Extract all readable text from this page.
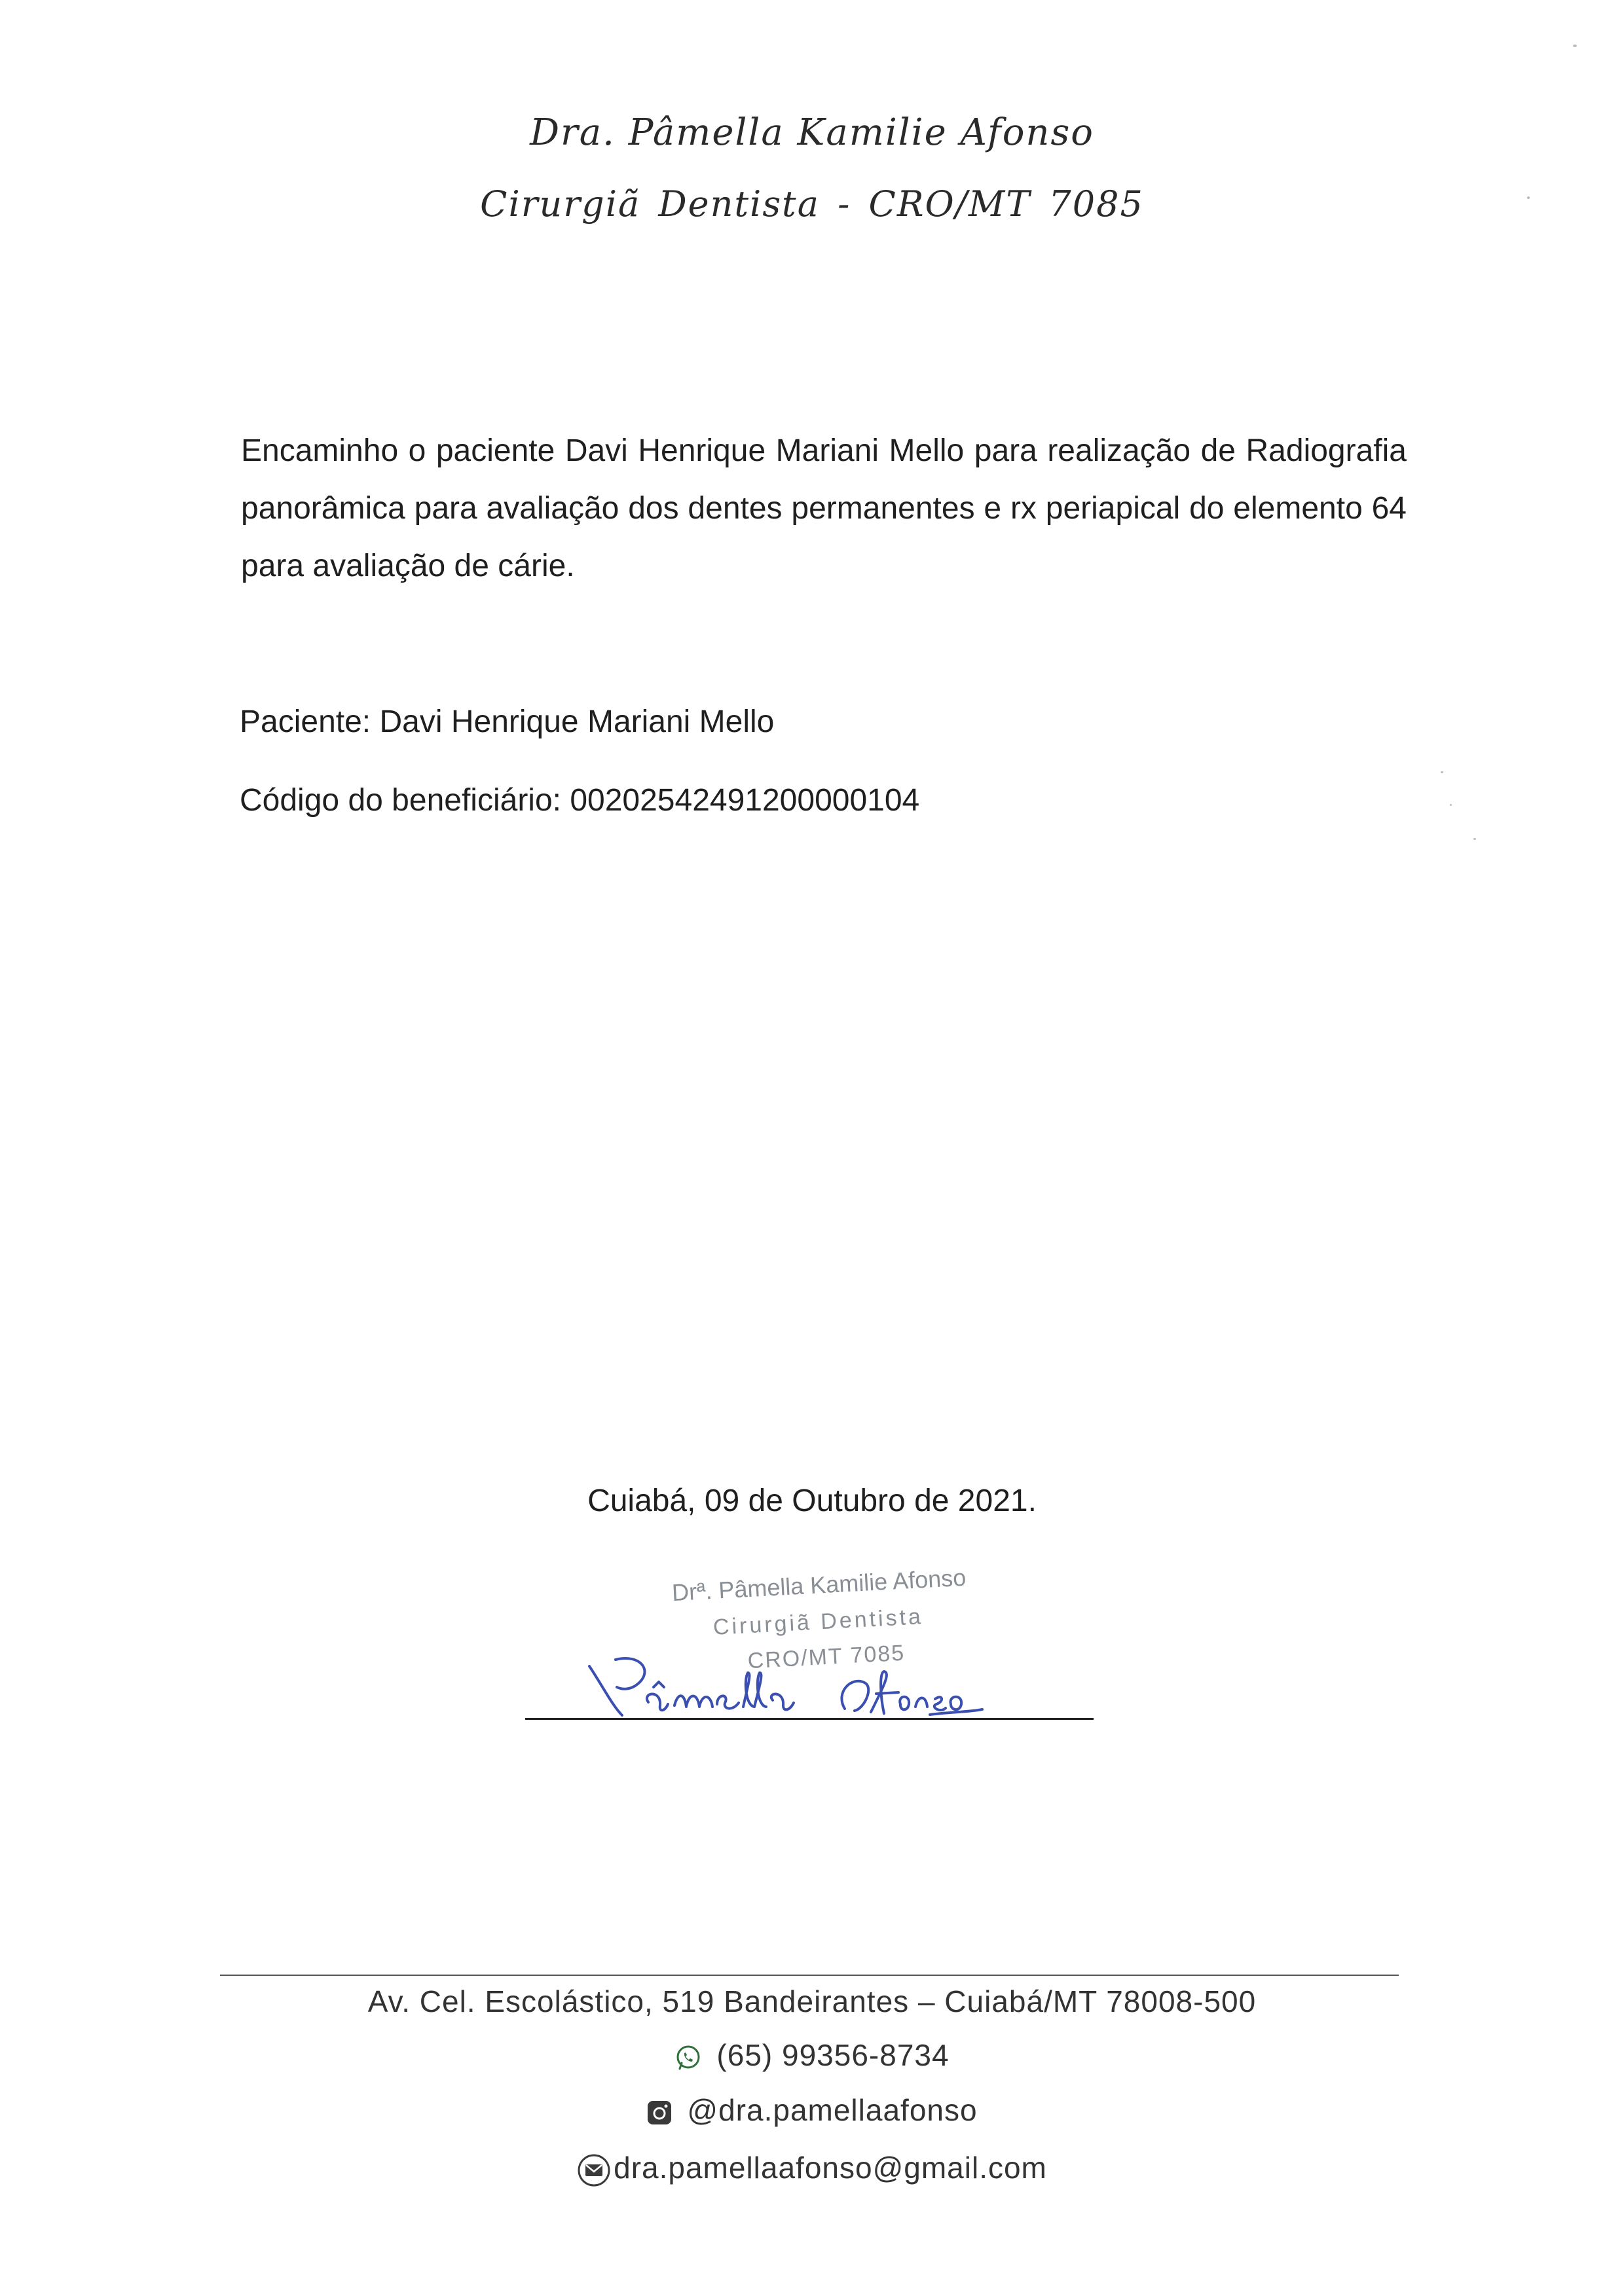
Dra. Pâmella Kamilie Afonso
Cirurgiã Dentista - CRO/MT 7085
Encaminho o paciente Davi Henrique Mariani Mello para realização de Radiografia panorâmica para avaliação dos dentes permanentes e rx periapical do elemento 64 para avaliação de cárie.
Paciente: Davi Henrique Mariani Mello
Código do beneficiário: 00202542491200000104
Cuiabá, 09 de Outubro de 2021.
Drª. Pâmella Kamilie Afonso
Cirurgiã Dentista
CRO/MT 7085
Av. Cel. Escolástico, 519 Bandeirantes – Cuiabá/MT 78008-500
(65) 99356-8734
@dra.pamellaafonso
dra.pamellaafonso@gmail.com
